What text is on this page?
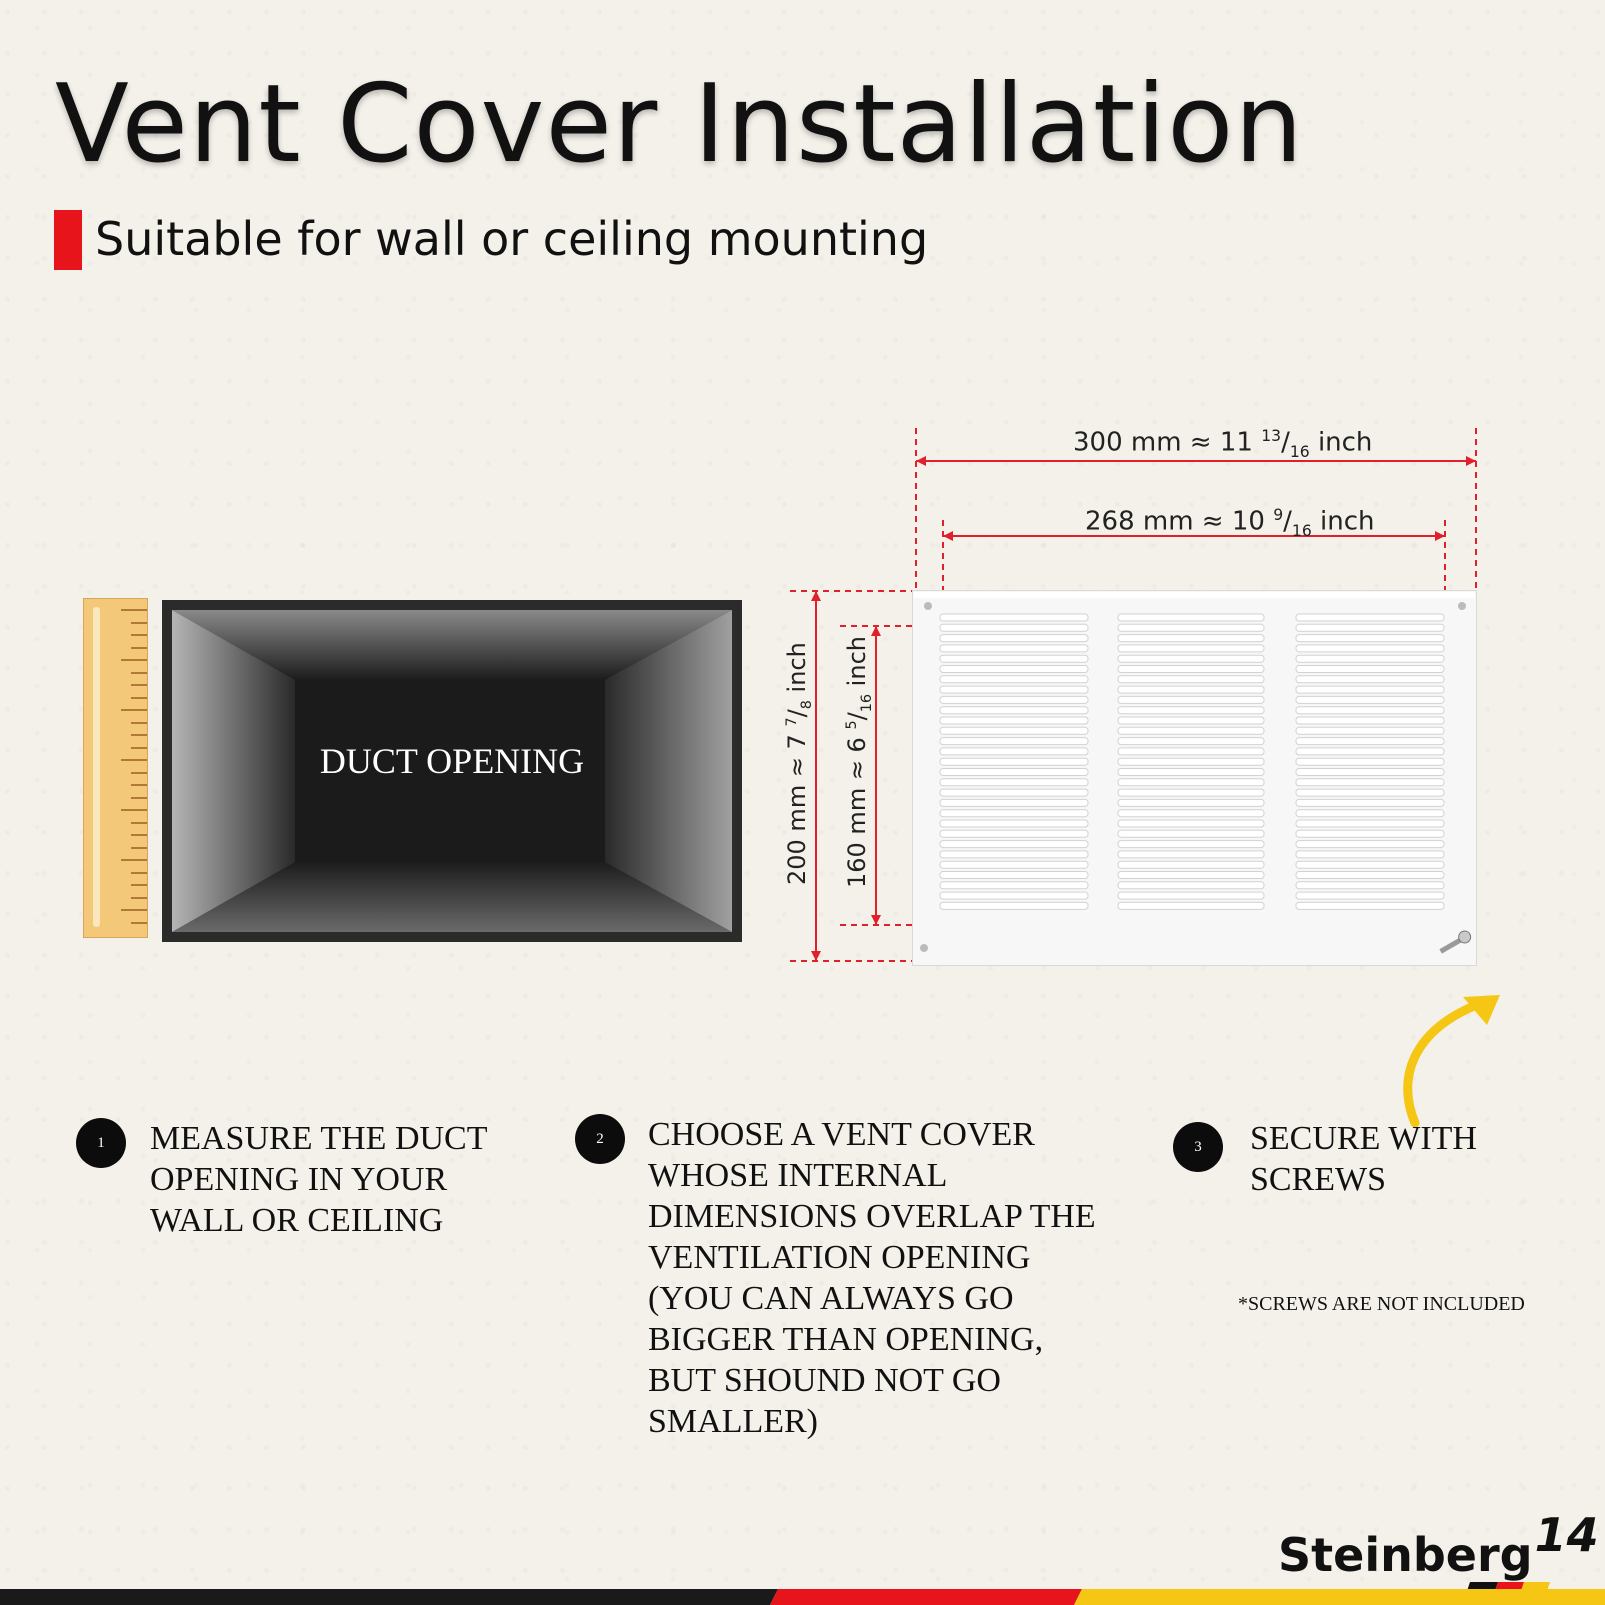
Vent Cover Installation
Suitable for wall or ceiling mounting
DUCT OPENING
300 mm ≈ 11 $^{13}/_{16}$ inch
268 mm ≈ 10 $^9/_{16}$ inch
200 mm ≈ 7 $^7/_8$ inch
160 mm ≈ 6 $^5/_{16}$ inch
1	MEASURE THE DUCT OPENING IN YOUR WALL OR CEILING
2	CHOOSE A VENT COVER WHOSE INTERNAL DIMENSIONS OVERLAP THE VENTILATION OPENING (YOU CAN ALWAYS GO BIGGER THAN OPENING, BUT SHOUND NOT GO SMALLER)
3	SECURE WITH SCREWS
*SCREWS ARE NOT INCLUDED
Steinberg14
